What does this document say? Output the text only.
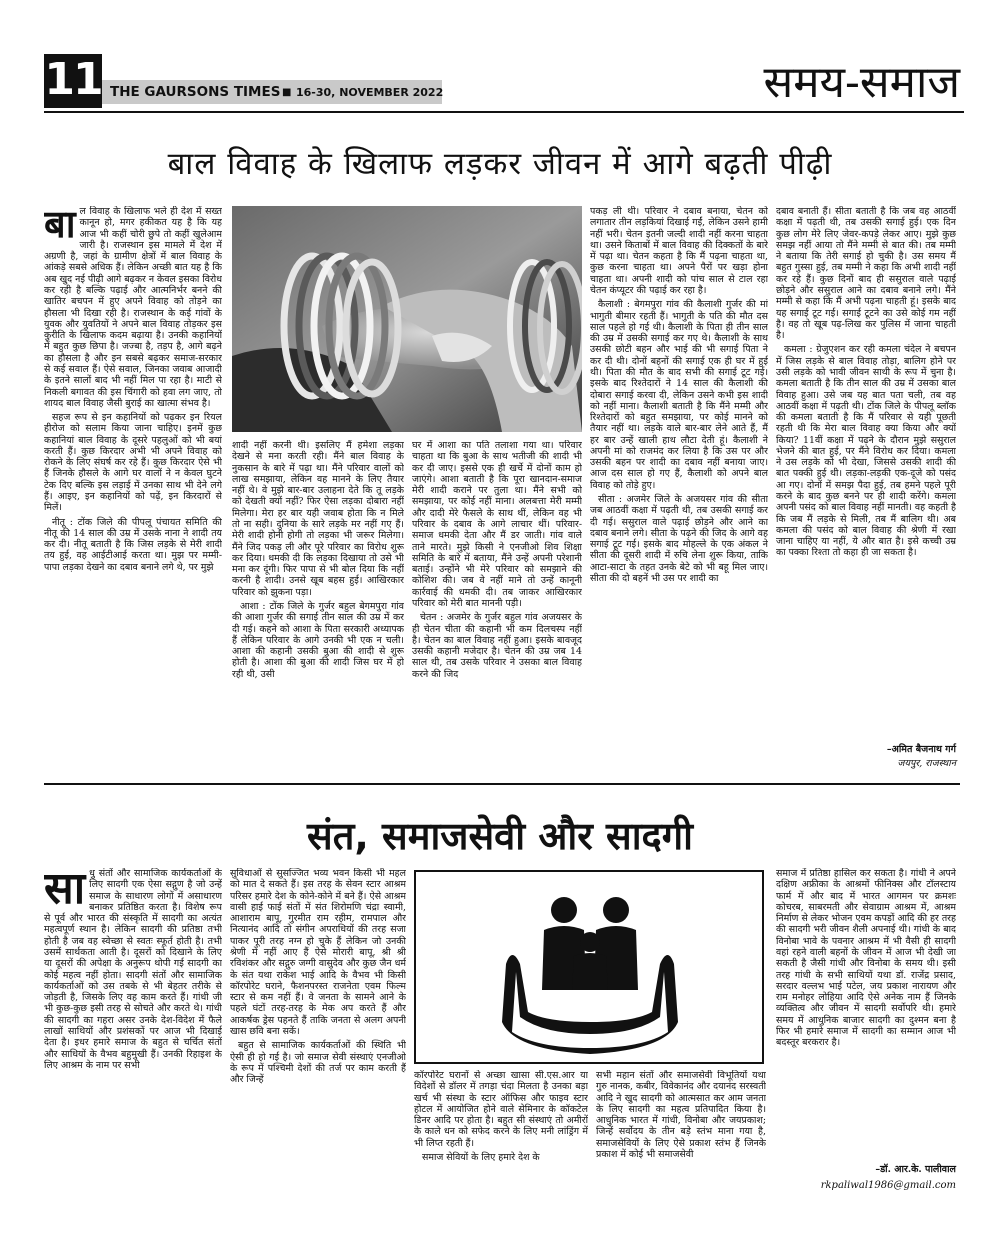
11 THE GAURSONS TIMES ■ 16-30, NOVEMBER 2022	समय-समाज
बाल विवाह के खिलाफ लड़कर जीवन में आगे बढ़ती पीढ़ी
बा ल विवाह के खिलाफ भले ही देश में सख्त कानून हो, मगर हकीकत यह है कि यह आज भी कहीं चोरी छुपे तो कहीं खुलेआम जारी है। राजस्थान इस मामले में देश में अग्रणी है, जहां के ग्रामीण क्षेत्रों में बाल विवाह के आंकड़े सबसे अधिक हैं। लेकिन अच्छी बात यह है कि अब खुद नई पीढ़ी आगे बढ़कर न केवल इसका विरोध कर रही है बल्कि पढ़ाई और आत्मनिर्भर बनने की खातिर बचपन में हुए अपने विवाह को तोड़ने का हौसला भी दिखा रही है। राजस्थान के कई गांवों के युवक और युवतियों ने अपने बाल विवाह तोड़कर इस कुरीति के खिलाफ कदम बढ़ाया है। उनकी कहानियों में बहुत कुछ छिपा है। जज्बा है, तड़प है, आगे बढ़ने का हौसला है और इन सबसे बढ़कर समाज-सरकार से कई सवाल हैं। ऐसे सवाल, जिनका जवाब आजादी के इतने सालों बाद भी नहीं मिल पा रहा है। माटी से निकली बगावत की इस चिंगारी को हवा लग जाए, तो शायद बाल विवाह जैसी बुराई का खात्मा संभव है।

सहज रूप से इन कहानियों को पढ़कर इन रियल हीरोज को सलाम किया जाना चाहिए। इनमें कुछ कहानियां बाल विवाह के दूसरे पहलुओं को भी बयां करती हैं। कुछ किरदार अभी भी अपने विवाह को रोकने के लिए संघर्ष कर रहे हैं। कुछ किरदार ऐसे भी हैं जिनके हौसले के आगे घर वालों ने न केवल घुटने टेक दिए बल्कि इस लड़ाई में उनका साथ भी देने लगे हैं। आइए, इन कहानियों को पढ़ें, इन किरदारों से मिलें।

नीतू : टोंक जिले की पीपलू पंचायत समिति की नीतू की 14 साल की उम्र में उसके नाना ने शादी तय कर दी। नीतू बताती है कि जिस लड़के से मेरी शादी तय हुई, वह आईटीआई करता था। मुझ पर मम्मी-पापा लड़का देखने का दबाव बनाने लगे थे, पर मुझे

शादी नहीं करनी थी। इसलिए मैं हमेशा लड़का देखने से मना करती रही। मैंने बाल विवाह के नुकसान के बारे में पढ़ा था। मैंने परिवार वालों को लाख समझाया, लेकिन वह मानने के लिए तैयार नहीं थे। वे मुझे बार-बार उलाहना देते कि तू लड़के को देखती क्यों नहीं? फिर ऐसा लड़का दोबारा नहीं मिलेगा। मेरा हर बार यही जवाब होता कि न मिले तो ना सही। दुनिया के सारे लड़के मर नहीं गए हैं। मेरी शादी होनी होगी तो लड़का भी जरूर मिलेगा। मैंने जिद पकड़ ली और पूरे परिवार का विरोध शुरू कर दिया। धमकी दी कि लड़का दिखाया तो उसे भी मना कर दूंगी। फिर पापा से भी बोल दिया कि नहीं करनी है शादी। उनसे खूब बहस हुई। आखिरकार परिवार को झुकना पड़ा।

आशा : टोंक जिले के गुर्जर बहुल बेगमपुरा गांव की आशा गुर्जर की सगाई तीन साल की उम्र में कर दी गई। कहने को आशा के पिता सरकारी अध्यापक हैं लेकिन परिवार के आगे उनकी भी एक न चली। आशा की कहानी उसकी बुआ की शादी से शुरू होती है। आशा की बुआ की शादी जिस घर में हो रही थी, उसी

घर में आशा का पति तलाशा गया था। परिवार चाहता था कि बुआ के साथ भतीजी की शादी भी कर दी जाए। इससे एक ही खर्चे में दोनों काम हो जाएंगे। आशा बताती है कि पूरा खानदान-समाज मेरी शादी कराने पर तुला था। मैंने सभी को समझाया, पर कोई नहीं माना। अलबत्ता मेरी मम्मी और दादी मेरे फैसले के साथ थीं, लेकिन वह भी परिवार के दबाव के आगे लाचार थीं। परिवार-समाज धमकी देता और मैं डर जाती। गांव वाले ताने मारते। मुझे किसी ने एनजीओ शिव शिक्षा समिति के बारे में बताया, मैंने उन्हें अपनी परेशानी बताई। उन्होंने भी मेरे परिवार को समझाने की कोशिश की। जब वे नहीं माने तो उन्हें कानूनी कार्रवाई की धमकी दी। तब जाकर आखिरकार परिवार को मेरी बात माननी पड़ी।

चेतन : अजमेर के गुर्जर बहुल गांव अजयसर के ही चेतन चीता की कहानी भी कम दिलचस्प नहीं है। चेतन का बाल विवाह नहीं हुआ। इसके बावजूद उसकी कहानी मजेदार है। चेतन की उम्र जब 14 साल थी, तब उसके परिवार ने उसका बाल विवाह करने की जिद

पकड़ ली थी। परिवार ने दबाव बनाया, चेतन को लगातार तीन लड़कियां दिखाई गईं, लेकिन उसने हामी नहीं भरी। चेतन इतनी जल्दी शादी नहीं करना चाहता था। उसने किताबों में बाल विवाह की दिक्कतों के बारे में पढ़ा था। चेतन कहता है कि मैं पढ़ना चाहता था, कुछ करना चाहता था। अपने पैरों पर खड़ा होना चाहता था। अपनी शादी को पांच साल से टाल रहा चेतन कंप्यूटर की पढ़ाई कर रहा है।

कैलाशी : बेगमपुरा गांव की कैलाशी गुर्जर की मां भागुती बीमार रहती हैं। भागुती के पति की मौत दस साल पहले हो गई थी। कैलाशी के पिता ही तीन साल की उम्र में उसकी सगाई कर गए थे। कैलाशी के साथ उसकी छोटी बहन और भाई की भी सगाई पिता ने कर दी थी। दोनों बहनों की सगाई एक ही घर में हुई थी। पिता की मौत के बाद सभी की सगाई टूट गई। इसके बाद रिश्तेदारों ने 14 साल की कैलाशी की दोबारा सगाई करवा दी, लेकिन उसने कभी इस शादी को नहीं माना। कैलाशी बताती है कि मैंने मम्मी और रिश्तेदारों को बहुत समझाया, पर कोई मानने को तैयार नहीं था। लड़के वाले बार-बार लेने आते हैं, मैं हर बार उन्हें खाली हाथ लौटा देती हूं। कैलाशी ने अपनी मां को राजमंद कर लिया है कि उस पर और उसकी बहन पर शादी का दबाव नहीं बनाया जाए। आज दस साल हो गए हैं, कैलाशी को अपने बाल विवाह को तोड़े हुए।

सीता : अजमेर जिले के अजयसर गांव की सीता जब आठवीं कक्षा में पढ़ती थी, तब उसकी सगाई कर दी गई। ससुराल वाले पढ़ाई छोड़ने और आने का दबाव बनाने लगे। सीता के पढ़ने की जिद के आगे वह सगाई टूट गई। इसके बाद मोहल्ले के एक अंकल ने सीता की दूसरी शादी में रुचि लेना शुरू किया, ताकि आटा-साटा के तहत उनके बेटे को भी बहू मिल जाए। सीता की दो बहनें भी उस पर शादी का

दबाव बनाती हैं। सीता बताती है कि जब वह आठवीं कक्षा में पढ़ती थी, तब उसकी सगाई हुई। एक दिन कुछ लोग मेरे लिए जेवर-कपड़े लेकर आए। मुझे कुछ समझ नहीं आया तो मैंने मम्मी से बात की। तब मम्मी ने बताया कि तेरी सगाई हो चुकी है। उस समय मैं बहुत गुस्सा हुई, तब मम्मी ने कहा कि अभी शादी नहीं कर रहे हैं। कुछ दिनों बाद ही ससुराल वाले पढ़ाई छोड़ने और ससुराल आने का दबाव बनाने लगे। मैंने मम्मी से कहा कि मैं अभी पढ़ना चाहती हूं। इसके बाद यह सगाई टूट गई। सगाई टूटने का उसे कोई गम नहीं है। वह तो खूब पढ़-लिख कर पुलिस में जाना चाहती है।

कमला : ग्रेजुएशन कर रही कमला चंदेल ने बचपन में जिस लड़के से बाल विवाह तोड़ा, बालिग होने पर उसी लड़के को भावी जीवन साथी के रूप में चुना है। कमला बताती है कि तीन साल की उम्र में उसका बाल विवाह हुआ। उसे जब यह बात पता चली, तब वह आठवीं कक्षा में पढ़ती थी। टोंक जिले के पीपलू ब्लॉक की कमला बताती है कि मैं परिवार से यही पूछती रहती थी कि मेरा बाल विवाह क्या किया और क्यों किया? 11वीं कक्षा में पढ़ने के दौरान मुझे ससुराल भेजने की बात हुई, पर मैंने विरोध कर दिया। कमला ने उस लड़के को भी देखा, जिससे उसकी शादी की बात पक्की हुई थी। लड़का-लड़की एक-दूजे को पसंद आ गए। दोनों में समझ पैदा हुई, तब हमने पहले पूरी करने के बाद कुछ बनने पर ही शादी करेंगे। कमला अपनी पसंद को बाल विवाह नहीं मानती। वह कहती है कि जब मैं लड़के से मिली, तब मैं बालिग थी। अब कमला की पसंद को बाल विवाह की श्रेणी में रखा जाना चाहिए या नहीं, ये और बात है। इसे कच्ची उम्र का पक्का रिश्ता तो कहा ही जा सकता है।

–अमित बैजनाथ गर्ग
जयपुर, राजस्थान
संत, समाजसेवी और सादगी
सा धु संतों और सामाजिक कार्यकर्ताओं के लिए सादगी एक ऐसा सद्गुण है जो उन्हें समाज के साधारण लोगों में असाधारण बनाकर प्रतिष्ठित करता है। विशेष रूप से पूर्व और भारत की संस्कृति में सादगी का अत्यंत महत्वपूर्ण स्थान है। लेकिन सादगी की प्रतिष्ठा तभी होती है जब वह स्वेच्छा से स्वतः स्फूर्त होती है। तभी उसमें सार्थकता आती है। दूसरों को दिखाने के लिए या दूसरों की अपेक्षा के अनुरूप थोपी गई सादगी का कोई महत्व नहीं होता। सादगी संतों और सामाजिक कार्यकर्ताओं को उस तबके से भी बेहतर तरीके से जोड़ती है, जिसके लिए वह काम करते हैं। गांधी जी भी कुछ-कुछ इसी तरह से सोचते और करते थे। गांधी की सादगी का गहरा असर उनके देश-विदेश में फैले लाखों साथियों और प्रशंसकों पर आज भी दिखाई देता है। इधर हमारे समाज के बहुत से चर्चित संतों और साधियों के वैभव बहुमुखी हैं। उनकी रिहाइश के लिए आश्रम के नाम पर सभी

सुविधाओं से सुसज्जित भव्य भवन किसी भी महल को मात दे सकते हैं। इस तरह के सेवन स्टार आश्रम परिसर हमारे देश के कोने-कोने में बने हैं। ऐसे आश्रम वासी हाई फाई संतों में संत शिरोमणि चंद्रा स्वामी, आशाराम बापू, गुरमीत राम रहीम, रामपाल और नित्यानंद आदि तो संगीन अपराधियों की तरह सजा पाकर पूरी तरह नग्न हो चुके हैं लेकिन जो उनकी श्रेणी में नहीं आए हैं ऐसे मोरारी बापू, श्री श्री रविशंकर और सद्गुरु जग्गी वासुदेव और कुछ जैन धर्म के संत यथा राकेश भाई आदि के वैभव भी किसी कॉरपोरेट घराने, फैशनपरस्त राजनेता एवम फिल्म स्टार से कम नहीं हैं। वे जनता के सामने आने के पहले घंटों तरह-तरह के मेक अप करते हैं और आकर्षक ड्रेस पहनते हैं ताकि जनता से अलग अपनी खास छवि बना सकें।

बहुत से सामाजिक कार्यकर्ताओं की स्थिति भी ऐसी ही हो गई है। जो समाज सेवी संस्थाएं एनजीओ के रूप में पश्चिमी देशों की तर्ज पर काम करती हैं और जिन्हें	कॉरपोरेट घरानों से अच्छा खासा सी.एस.आर या विदेशों से डॉलर में तगड़ा चंदा मिलता है उनका बड़ा खर्च भी संस्था के स्टार ऑफिस और फाइव स्टार होटल में आयोजित होने वाले सेमिनार के कॉकटेल डिनर आदि पर होता है। बहुत सी संस्थाएं तो अमीरों के काले धन को सफेद करने के लिए मनी लांड्रिंग में भी लिप्त रहती हैं।

समाज सेवियों के लिए हमारे देश के

सभी महान संतों और समाजसेवी विभूतियों यथा गुरु नानक, कबीर, विवेकानंद और दयानंद सरस्वती आदि ने खुद सादगी को आत्मसात कर आम जनता के लिए सादगी का महत्व प्रतिपादित किया है। आधुनिक भारत में गांधी, विनोबा और जयप्रकाश; जिन्हें सर्वोदय के तीन बड़े स्तंभ माना गया है, समाजसेवियों के लिए ऐसे प्रकाश स्तंभ हैं जिनके प्रकाश में कोई भी समाजसेवी

समाज में प्रतिष्ठा हासिल कर सकता है। गांधी ने अपने दक्षिण अफ्रीका के आश्रमों फीनिक्स और टॉलस्टाय फार्म में और बाद में भारत आगमन पर क्रमशः कोचरब, साबरमती और सेवाग्राम आश्रम में, आश्रम निर्माण से लेकर भोजन एवम कपड़ों आदि की हर तरह की सादगी भरी जीवन शैली अपनाई थी। गांधी के बाद विनोबा भावे के पवनार आश्रम में भी वैसी ही सादगी वहां रहने वाली बहनों के जीवन में आज भी देखी जा सकती है जैसी गांधी और विनोबा के समय थी। इसी तरह गांधी के सभी साथियों यथा डॉ. राजेंद्र प्रसाद, सरदार वल्लभ भाई पटेल, जय प्रकाश नारायण और राम मनोहर लोहिया आदि ऐसे अनेक नाम हैं जिनके व्यक्तित्व और जीवन में सादगी सर्वोपरि थी। हमारे समय में आधुनिक बाजार सादगी का दुश्मन बना है फिर भी हमारे समाज में सादगी का सम्मान आज भी बदस्तूर बरकरार है।

–डॉ. आर.के. पालीवाल
rkpaliwal1986@gmail.com
